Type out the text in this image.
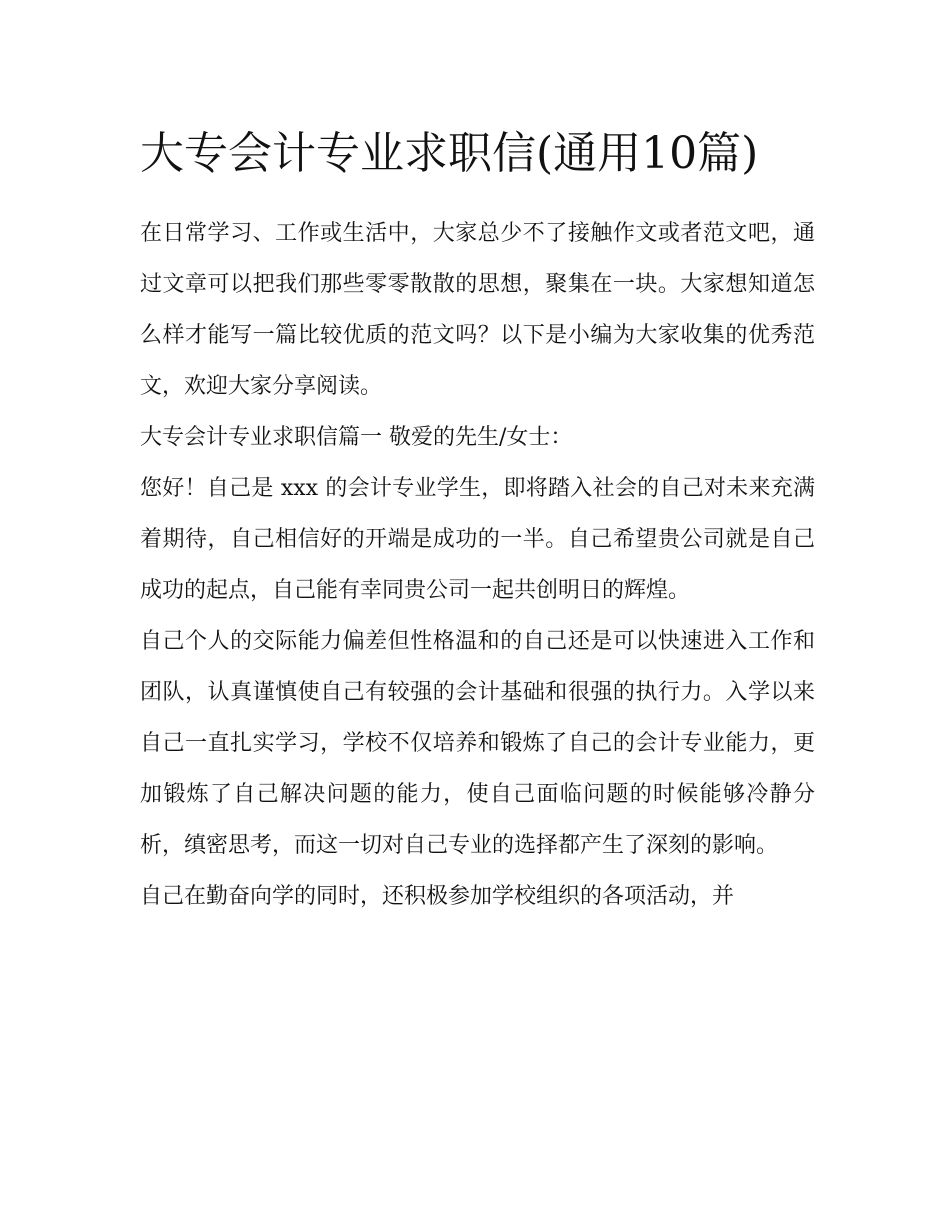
大专会计专业求职信(通用10篇)

在日常学习、工作或生活中，大家总少不了接触作文或者范文吧，通过文章可以把我们那些零零散散的思想，聚集在一块。大家想知道怎么样才能写一篇比较优质的范文吗？以下是小编为大家收集的优秀范文，欢迎大家分享阅读。

大专会计专业求职信篇一 敬爱的先生/女士：

您好！自己是 xxx 的会计专业学生，即将踏入社会的自己对未来充满着期待，自己相信好的开端是成功的一半。自己希望贵公司就是自己成功的起点，自己能有幸同贵公司一起共创明日的辉煌。

自己个人的交际能力偏差但性格温和的自己还是可以快速进入工作和团队，认真谨慎使自己有较强的会计基础和很强的执行力。入学以来自己一直扎实学习，学校不仅培养和锻炼了自己的会计专业能力，更加锻炼了自己解决问题的能力，使自己面临问题的时候能够冷静分析，缜密思考，而这一切对自己专业的选择都产生了深刻的影响。

自己在勤奋向学的同时，还积极参加学校组织的各项活动，并
